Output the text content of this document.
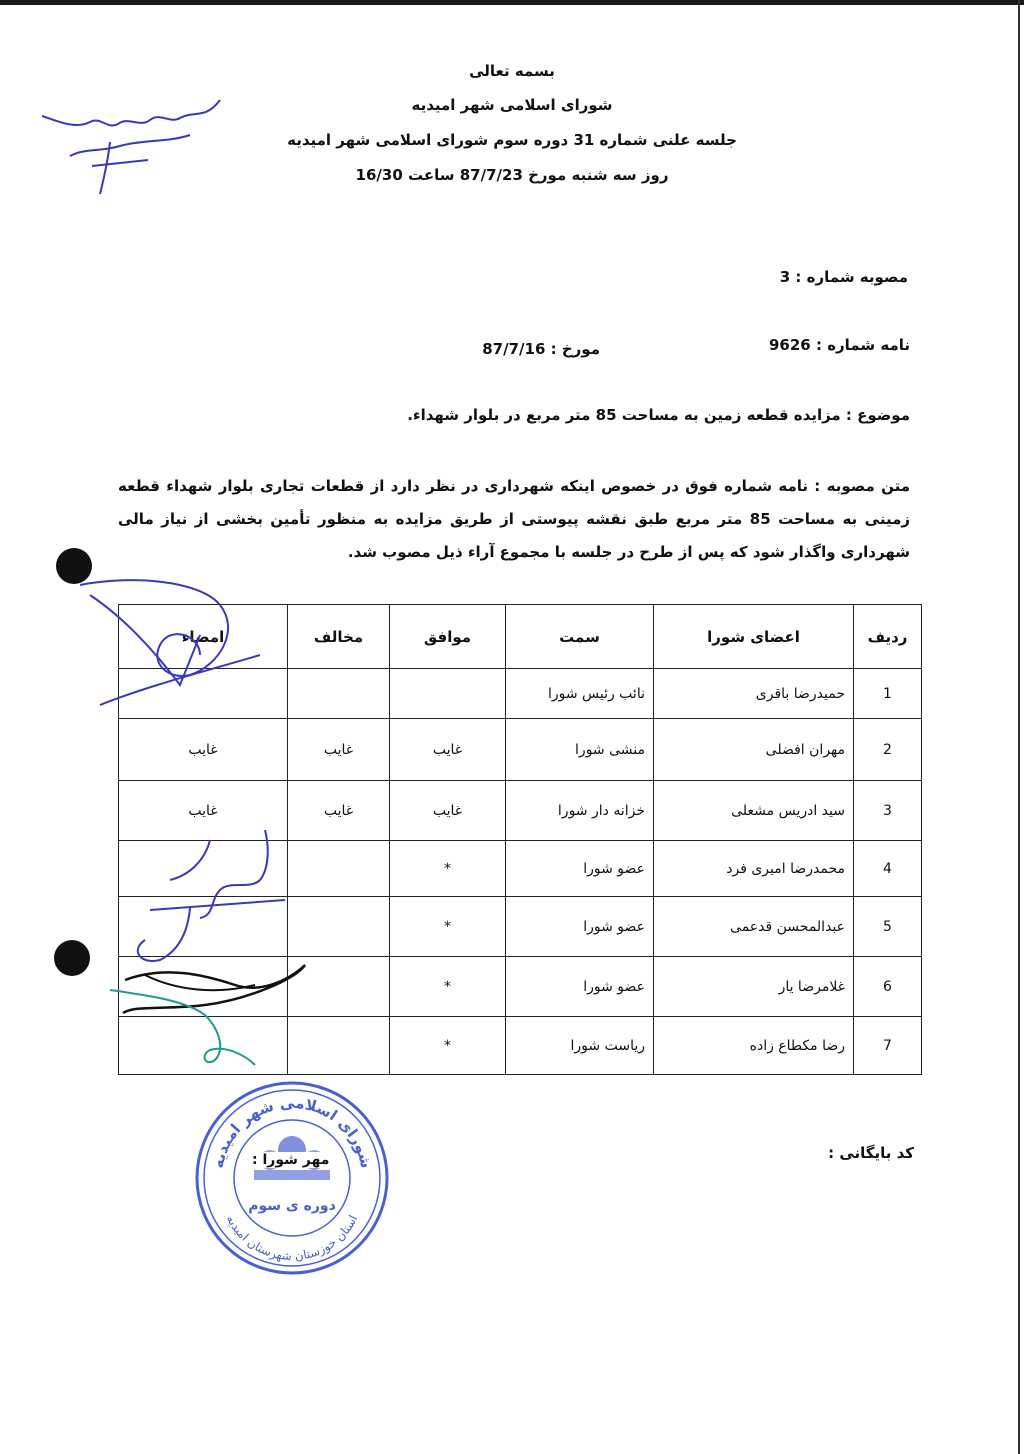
بسمه تعالی
شورای اسلامی شهر امیدیه
جلسه علنی شماره 31 دوره سوم شورای اسلامی شهر امیدیه
روز سه شنبه مورخ 87/7/23 ساعت 16/30
مصوبه شماره : 3
نامه شماره : 9626
مورخ : 87/7/16
موضوع : مزایده قطعه زمین به مساحت 85 متر مربع در بلوار شهداء.
متن مصوبه : نامه شماره فوق در خصوص اینکه شهرداری در نظر دارد از قطعات تجاری بلوار شهداء قطعه زمینی به مساحت 85 متر مربع طبق نقشه پیوستی از طریق مزایده به منظور تأمین بخشی از نیاز مالی شهرداری واگذار شود که پس از طرح در جلسه با مجموع آراء ذیل مصوب شد.
ردیف	اعضای شورا	سمت	موافق	مخالف	امضاء
1	حمیدرضا باقری	نائب رئیس شورا			
2	مهران افضلی	منشی شورا	غایب	غایب	غایب
3	سید ادریس مشعلی	خزانه دار شورا	غایب	غایب	غایب
4	محمدرضا امیری فرد	عضو شورا	*		
5	عبدالمحسن قدعمی	عضو شورا	*		
6	غلامرضا یار	عضو شورا	*		
7	رضا مکطاع زاده	ریاست شورا	*		
شورای اسلامی شهر امیدیه
استان خوزستان شهرستان امیدیه
دوره ی سوم
مهر شورا :	کد بایگانی :
